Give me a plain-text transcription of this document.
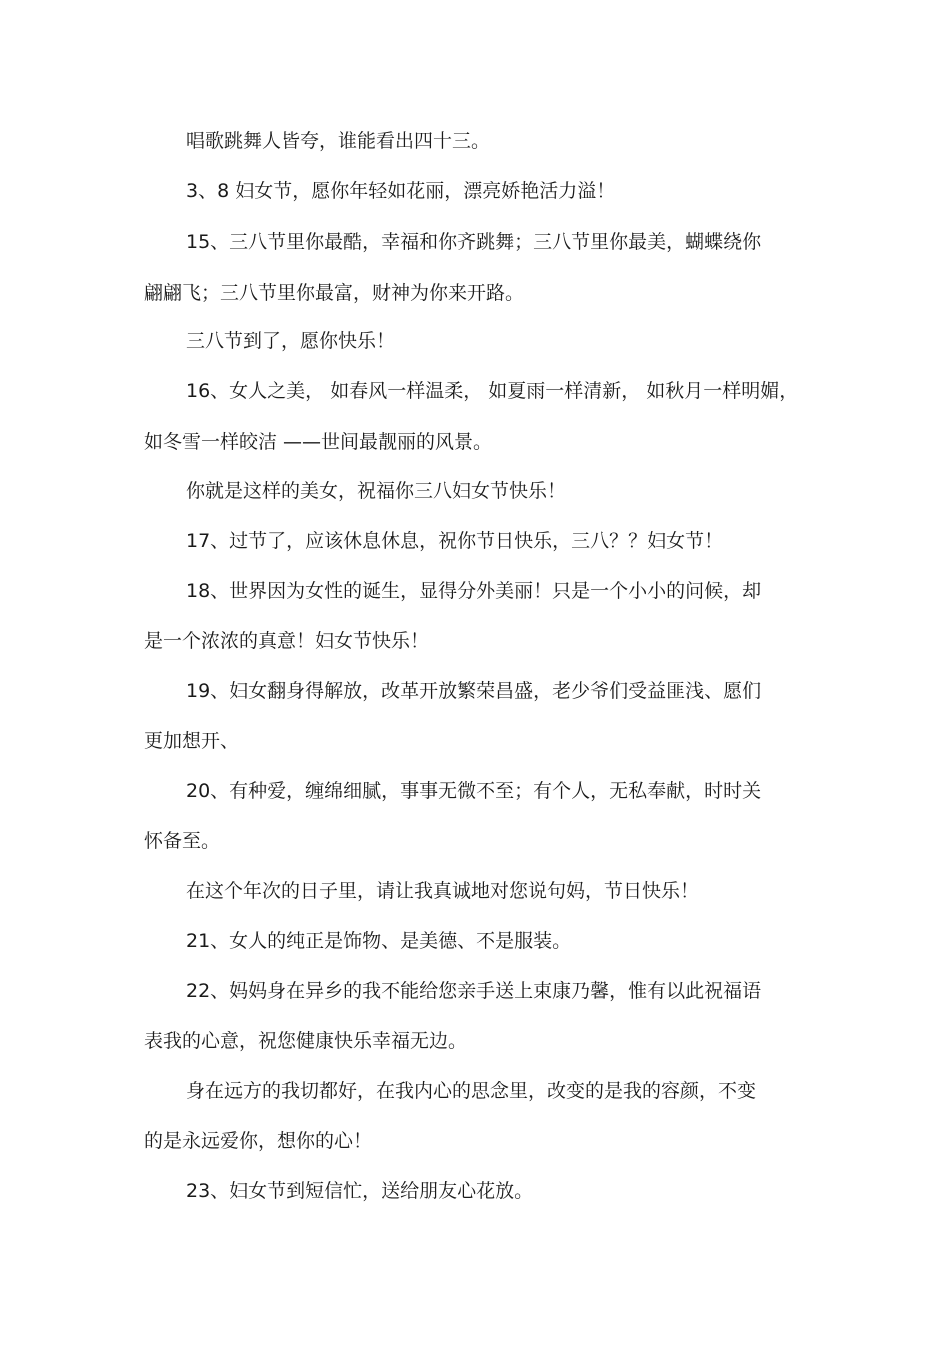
唱歌跳舞人皆夸，谁能看出四十三。

3、8 妇女节，愿你年轻如花丽，漂亮娇艳活力溢！

15、三八节里你最酷，幸福和你齐跳舞；三八节里你最美，蝴蝶绕你

翩翩飞；三八节里你最富，财神为你来开路。

三八节到了，愿你快乐！

16、女人之美， 如春风一样温柔， 如夏雨一样清新， 如秋月一样明媚，

如冬雪一样皎洁 ——世间最靓丽的风景。

你就是这样的美女，祝福你三八妇女节快乐！

17、过节了，应该休息休息，祝你节日快乐，三八？？妇女节！

18、世界因为女性的诞生，显得分外美丽！只是一个小小的问候，却

是一个浓浓的真意！妇女节快乐！

19、妇女翻身得解放，改革开放繁荣昌盛，老少爷们受益匪浅、愿们

更加想开、

20、有种爱，缠绵细腻，事事无微不至；有个人，无私奉献，时时关

怀备至。

在这个年次的日子里，请让我真诚地对您说句妈，节日快乐！

21、女人的纯正是饰物、是美德、不是服装。

22、妈妈身在异乡的我不能给您亲手送上束康乃馨，惟有以此祝福语

表我的心意，祝您健康快乐幸福无边。

身在远方的我切都好，在我内心的思念里，改变的是我的容颜，不变

的是永远爱你，想你的心！

23、妇女节到短信忙，送给朋友心花放。
